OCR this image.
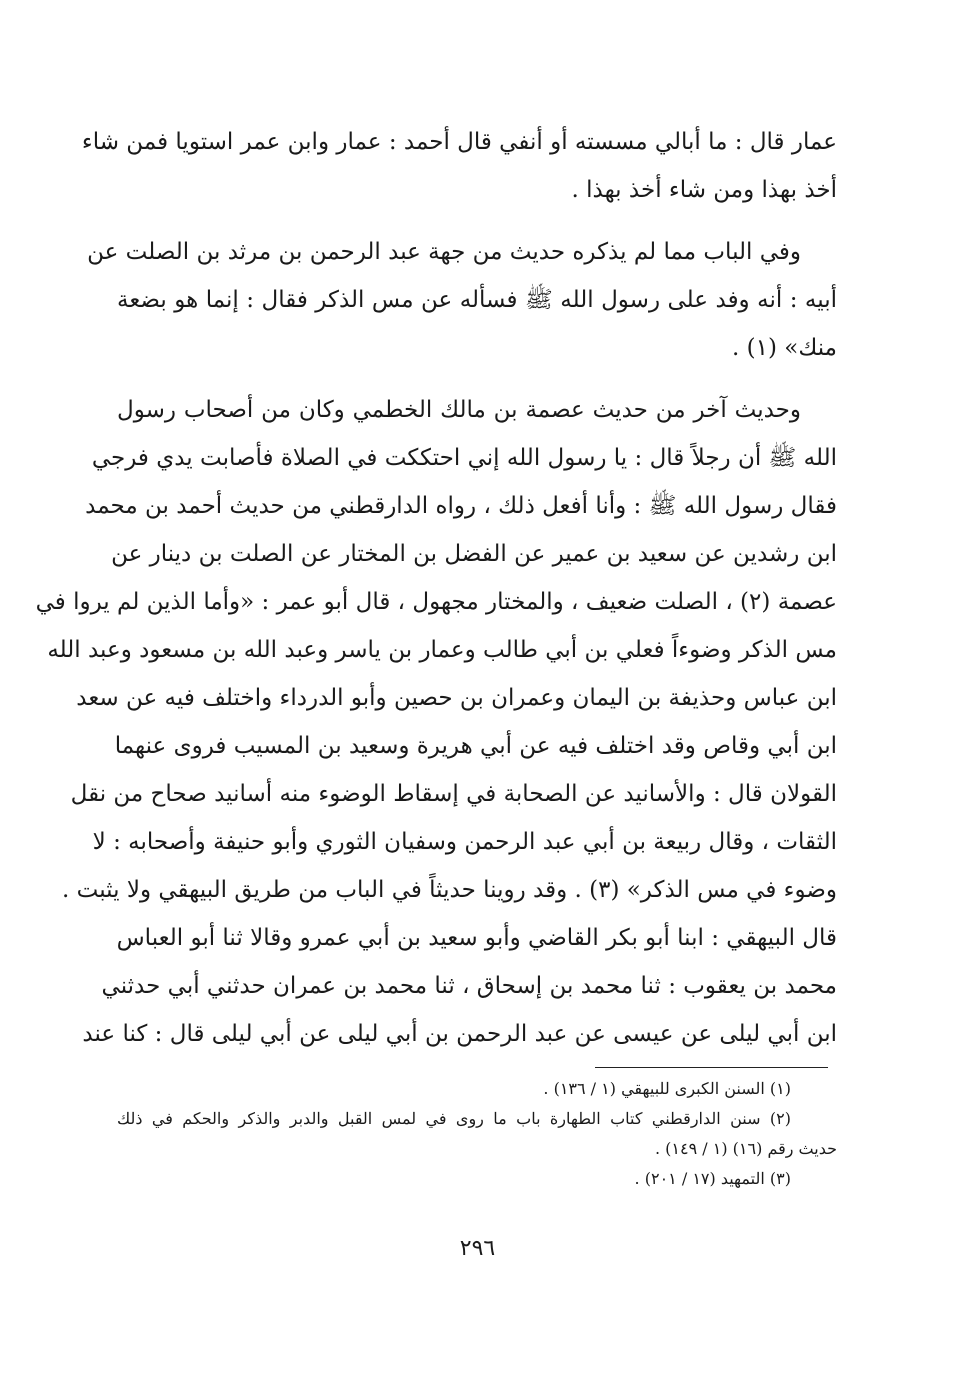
عمار قال : ما أبالي مسسته أو أنفي قال أحمد : عمار وابن عمر استويا فمن شاء
أخذ بهذا ومن شاء أخذ بهذا .
وفي الباب مما لم يذكره حديث من جهة عبد الرحمن بن مرثد بن الصلت عن
أبيه : أنه وفد على رسول الله ﷺ فسأله عن مس الذكر فقال : إنما هو بضعة
منك» (١) .
وحديث آخر من حديث عصمة بن مالك الخطمي وكان من أصحاب رسول
الله ﷺ أن رجلاً قال : يا رسول الله إني احتككت في الصلاة فأصابت يدي فرجي
فقال رسول الله ﷺ : وأنا أفعل ذلك ، رواه الدارقطني من حديث أحمد بن محمد
ابن رشدين عن سعيد بن عمير عن الفضل بن المختار عن الصلت بن دينار عن
عصمة (٢) ، الصلت ضعيف ، والمختار مجهول ، قال أبو عمر : «وأما الذين لم يروا في
مس الذكر وضوءاً فعلي بن أبي طالب وعمار بن ياسر وعبد الله بن مسعود وعبد الله
ابن عباس وحذيفة بن اليمان وعمران بن حصين وأبو الدرداء واختلف فيه عن سعد
ابن أبي وقاص وقد اختلف فيه عن أبي هريرة وسعيد بن المسيب فروى عنهما
القولان قال : والأسانيد عن الصحابة في إسقاط الوضوء منه أسانيد صحاح من نقل
الثقات ، وقال ربيعة بن أبي عبد الرحمن وسفيان الثوري وأبو حنيفة وأصحابه : لا
وضوء في مس الذكر» (٣) . وقد روينا حديثاً في الباب من طريق البيهقي ولا يثبت .
قال البيهقي : ابنا أبو بكر القاضي وأبو سعيد بن أبي عمرو وقالا ثنا أبو العباس
محمد بن يعقوب : ثنا محمد بن إسحاق ، ثنا محمد بن عمران حدثني أبي حدثني
ابن أبي ليلى عن عيسى عن عبد الرحمن بن أبي ليلى عن أبي ليلى قال : كنا عند
(١) السنن الكبرى للبيهقي (١ / ١٣٦) .
(٢) سنن الدارقطني كتاب الطهارة باب ما روى في لمس القبل والدبر والذكر والحكم في ذلك
حديث رقم (١٦) (١ / ١٤٩) .
(٣) التمهيد (١٧ / ٢٠١) .
٢٩٦
